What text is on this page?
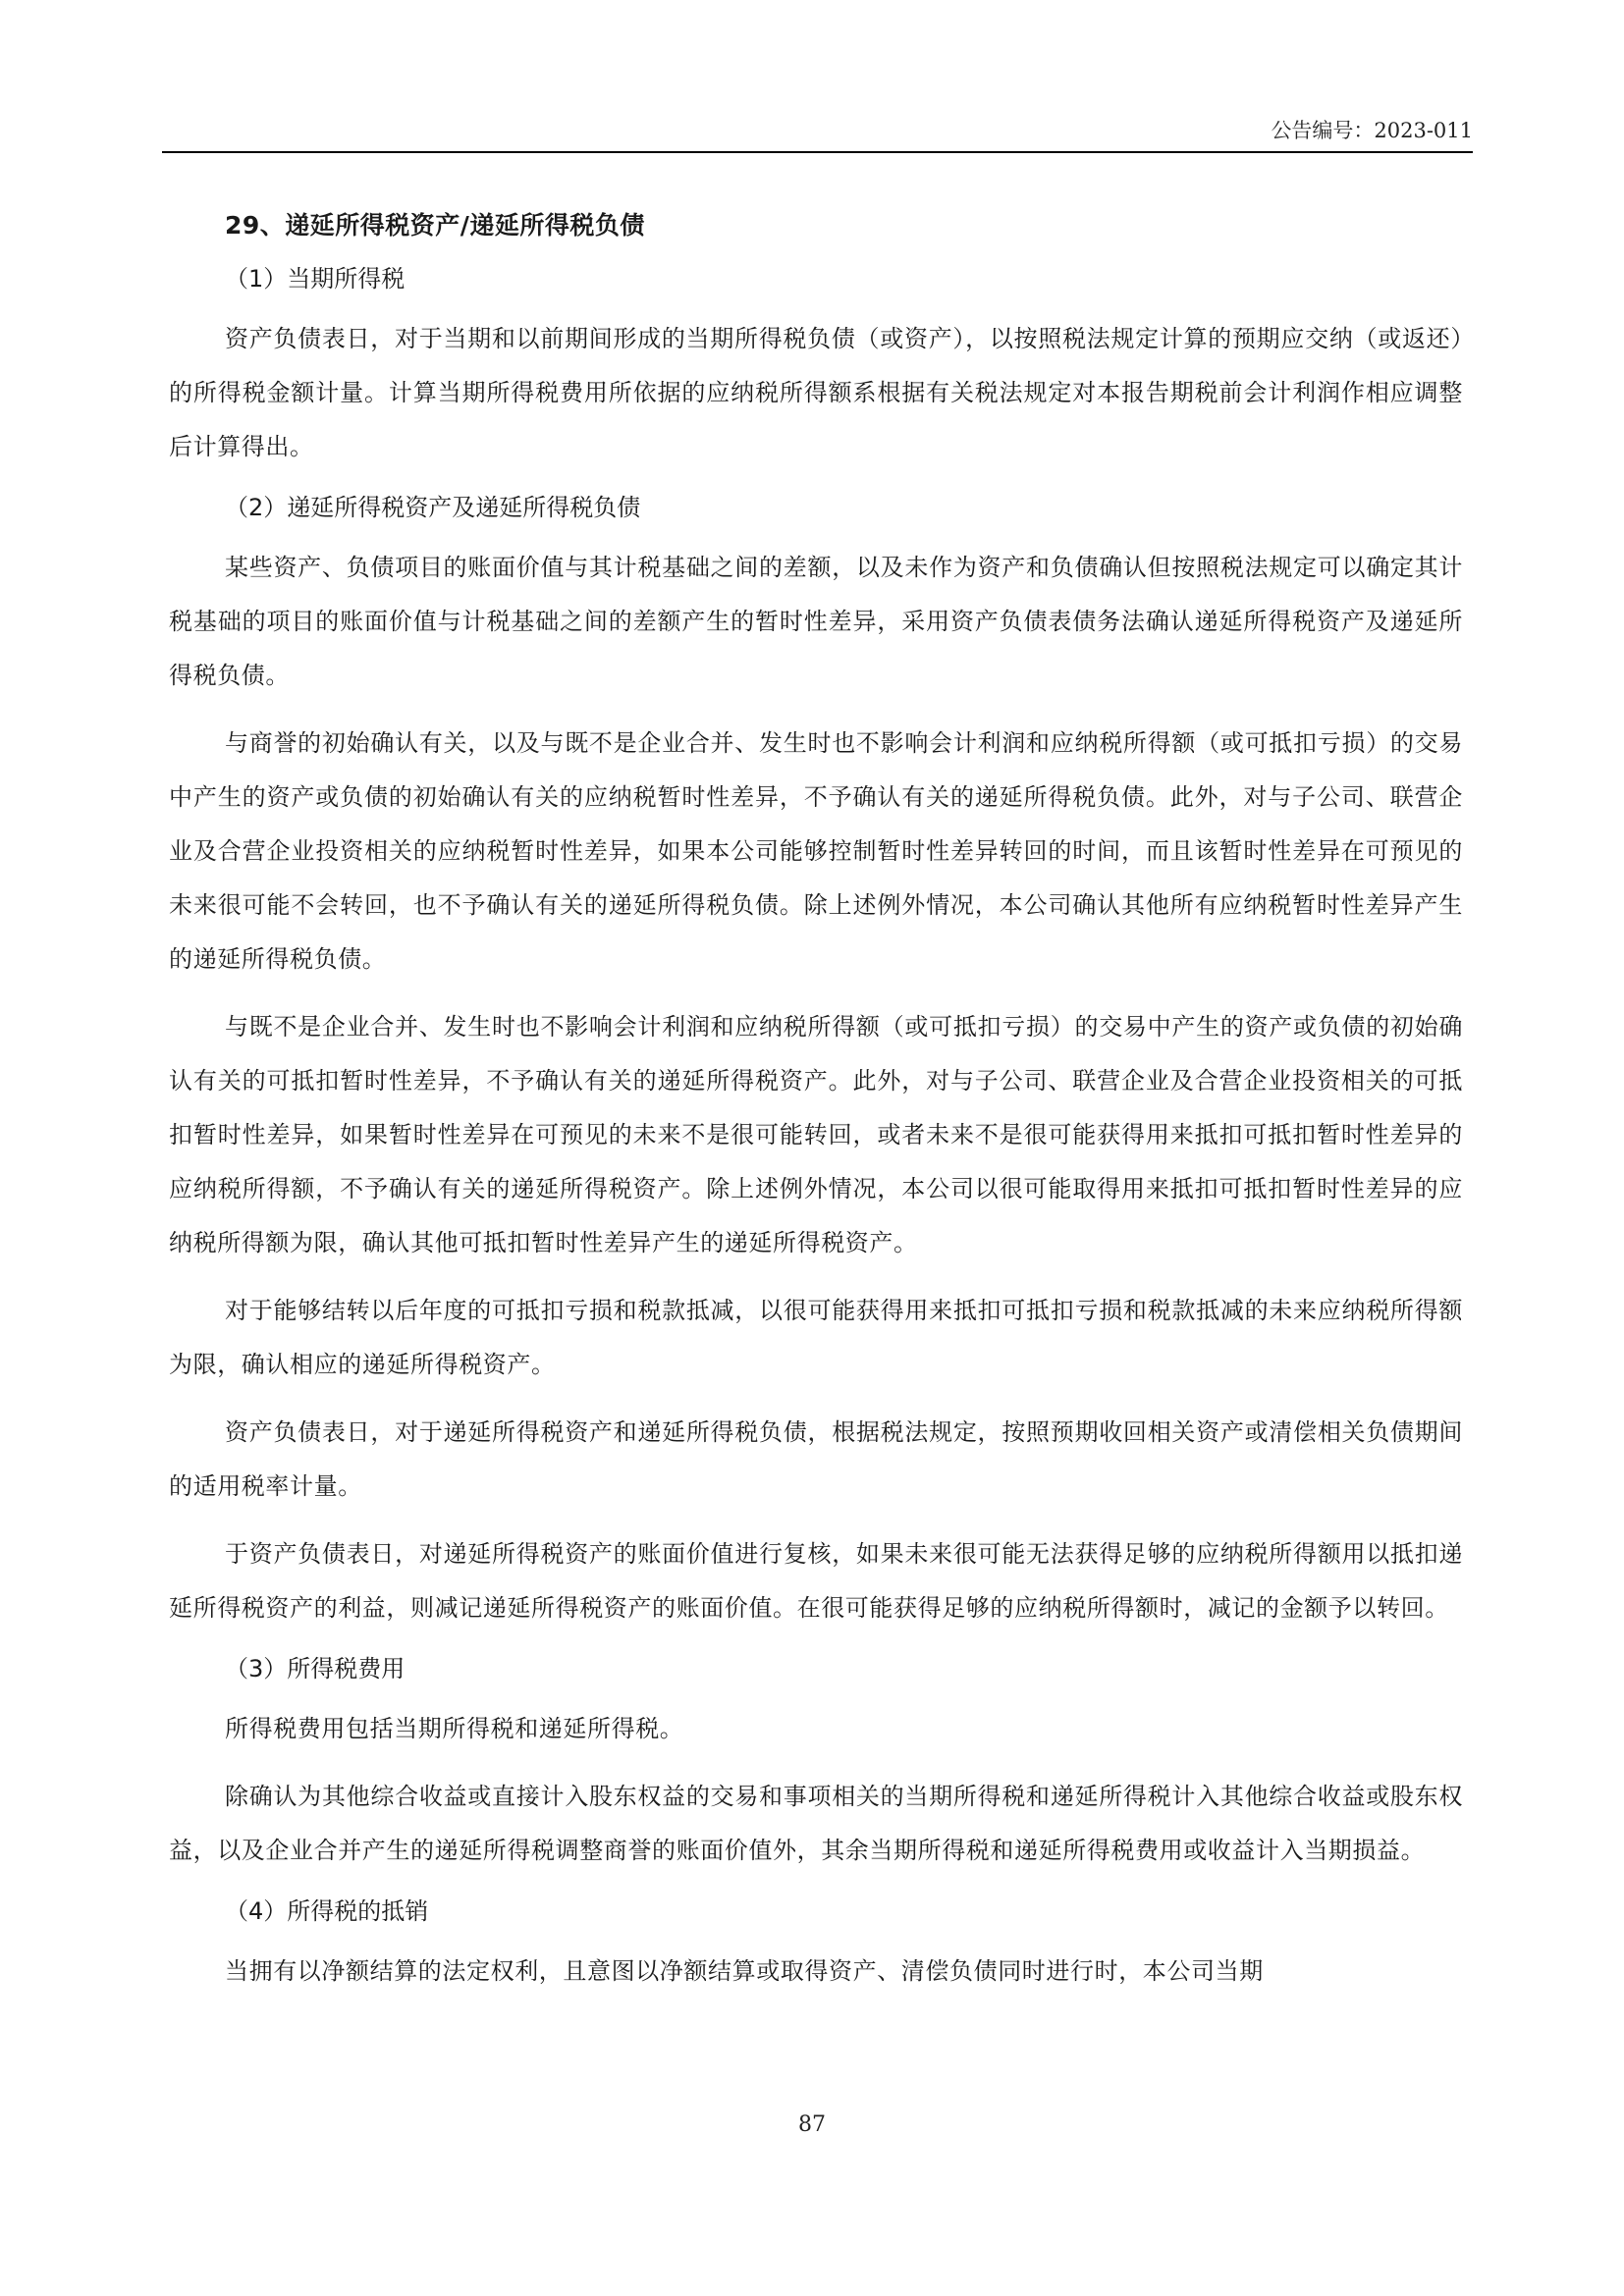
公告编号：2023-011
29、递延所得税资产/递延所得税负债
（1）当期所得税

资产负债表日，对于当期和以前期间形成的当期所得税负债（或资产），以按照税法规定计算的预期应交纳（或返还）的所得税金额计量。计算当期所得税费用所依据的应纳税所得额系根据有关税法规定对本报告期税前会计利润作相应调整后计算得出。

（2）递延所得税资产及递延所得税负债

某些资产、负债项目的账面价值与其计税基础之间的差额，以及未作为资产和负债确认但按照税法规定可以确定其计税基础的项目的账面价值与计税基础之间的差额产生的暂时性差异，采用资产负债表债务法确认递延所得税资产及递延所得税负债。

与商誉的初始确认有关，以及与既不是企业合并、发生时也不影响会计利润和应纳税所得额（或可抵扣亏损）的交易中产生的资产或负债的初始确认有关的应纳税暂时性差异，不予确认有关的递延所得税负债。此外，对与子公司、联营企业及合营企业投资相关的应纳税暂时性差异，如果本公司能够控制暂时性差异转回的时间，而且该暂时性差异在可预见的未来很可能不会转回，也不予确认有关的递延所得税负债。除上述例外情况，本公司确认其他所有应纳税暂时性差异产生的递延所得税负债。

与既不是企业合并、发生时也不影响会计利润和应纳税所得额（或可抵扣亏损）的交易中产生的资产或负债的初始确认有关的可抵扣暂时性差异，不予确认有关的递延所得税资产。此外，对与子公司、联营企业及合营企业投资相关的可抵扣暂时性差异，如果暂时性差异在可预见的未来不是很可能转回，或者未来不是很可能获得用来抵扣可抵扣暂时性差异的应纳税所得额，不予确认有关的递延所得税资产。除上述例外情况，本公司以很可能取得用来抵扣可抵扣暂时性差异的应纳税所得额为限，确认其他可抵扣暂时性差异产生的递延所得税资产。

对于能够结转以后年度的可抵扣亏损和税款抵减，以很可能获得用来抵扣可抵扣亏损和税款抵减的未来应纳税所得额为限，确认相应的递延所得税资产。

资产负债表日，对于递延所得税资产和递延所得税负债，根据税法规定，按照预期收回相关资产或清偿相关负债期间的适用税率计量。

于资产负债表日，对递延所得税资产的账面价值进行复核，如果未来很可能无法获得足够的应纳税所得额用以抵扣递延所得税资产的利益，则减记递延所得税资产的账面价值。在很可能获得足够的应纳税所得额时，减记的金额予以转回。

（3）所得税费用

所得税费用包括当期所得税和递延所得税。

除确认为其他综合收益或直接计入股东权益的交易和事项相关的当期所得税和递延所得税计入其他综合收益或股东权益，以及企业合并产生的递延所得税调整商誉的账面价值外，其余当期所得税和递延所得税费用或收益计入当期损益。

（4）所得税的抵销

当拥有以净额结算的法定权利，且意图以净额结算或取得资产、清偿负债同时进行时，本公司当期

87
